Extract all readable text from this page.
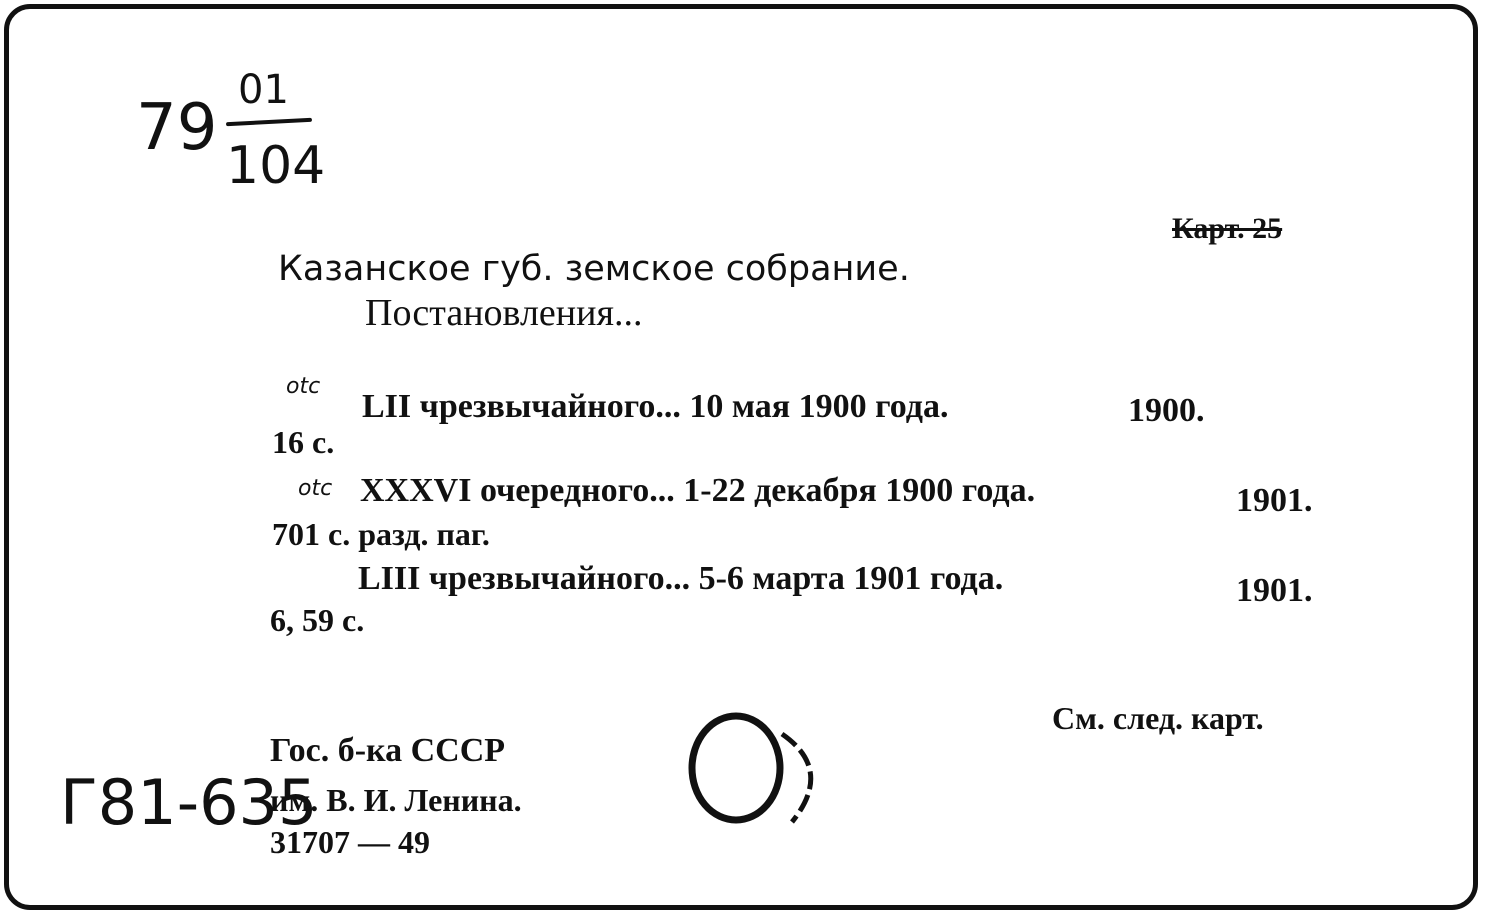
79
01
104
Карт. 25
Казанское губ. земское собрание.
Постановления...
otc
LII чрезвычайного... 10 мая 1900 года.	1900.
16 с.
otc XXXVI очередного... 1-22 декабря 1900 года.	1901.
701 с. разд. паг.
LIII чрезвычайного... 5-6 марта 1901 года.	1901.
6, 59 с.
См. след. карт.
Гос. б-ка СССР
им. В. И. Ленина.
31707 — 49
Г81-635
